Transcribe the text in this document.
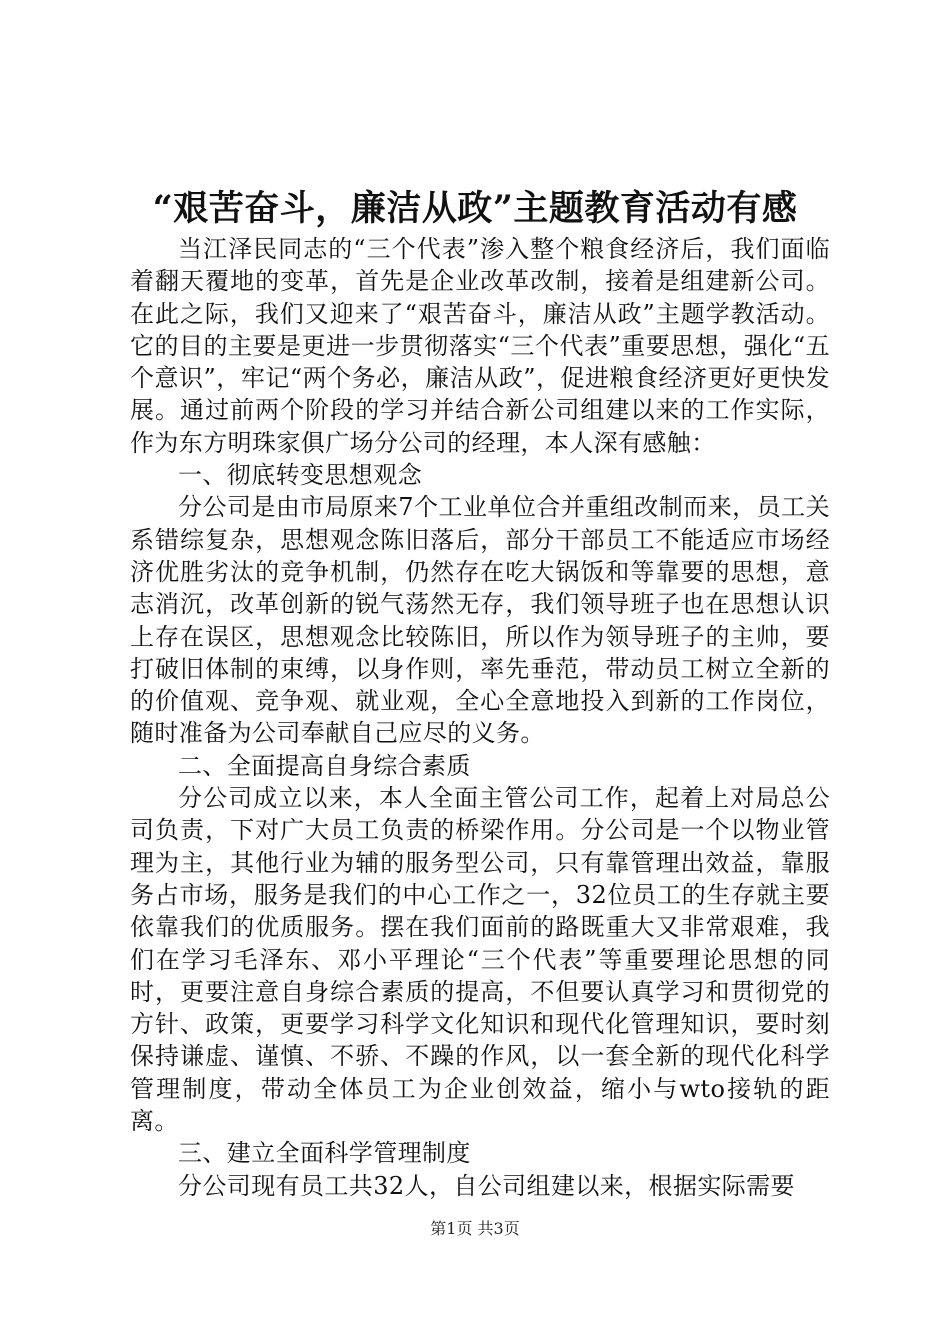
“艰苦奋斗，廉洁从政”主题教育活动有感

当江泽民同志的“三个代表”渗入整个粮食经济后，我们面临着翻天覆地的变革，首先是企业改革改制，接着是组建新公司。在此之际，我们又迎来了“艰苦奋斗，廉洁从政”主题学教活动。它的目的主要是更进一步贯彻落实“三个代表”重要思想，强化“五个意识”，牢记“两个务必，廉洁从政”，促进粮食经济更好更快发展。通过前两个阶段的学习并结合新公司组建以来的工作实际，作为东方明珠家俱广场分公司的经理，本人深有感触：

一、彻底转变思想观念

分公司是由市局原来7个工业单位合并重组改制而来，员工关系错综复杂，思想观念陈旧落后，部分干部员工不能适应市场经济优胜劣汰的竞争机制，仍然存在吃大锅饭和等靠要的思想，意志消沉，改革创新的锐气荡然无存，我们领导班子也在思想认识上存在误区，思想观念比较陈旧，所以作为领导班子的主帅，要打破旧体制的束缚，以身作则，率先垂范，带动员工树立全新的的价值观、竞争观、就业观，全心全意地投入到新的工作岗位，随时准备为公司奉献自己应尽的义务。

二、全面提高自身综合素质

分公司成立以来，本人全面主管公司工作，起着上对局总公司负责，下对广大员工负责的桥梁作用。分公司是一个以物业管理为主，其他行业为辅的服务型公司，只有靠管理出效益，靠服务占市场，服务是我们的中心工作之一，32位员工的生存就主要依靠我们的优质服务。摆在我们面前的路既重大又非常艰难，我们在学习毛泽东、邓小平理论“三个代表”等重要理论思想的同时，更要注意自身综合素质的提高，不但要认真学习和贯彻党的方针、政策，更要学习科学文化知识和现代化管理知识，要时刻保持谦虚、谨慎、不骄、不躁的作风，以一套全新的现代化科学管理制度，带动全体员工为企业创效益，缩小与wto接轨的距离。

三、建立全面科学管理制度

分公司现有员工共32人，自公司组建以来，根据实际需要

第1页 共3页
